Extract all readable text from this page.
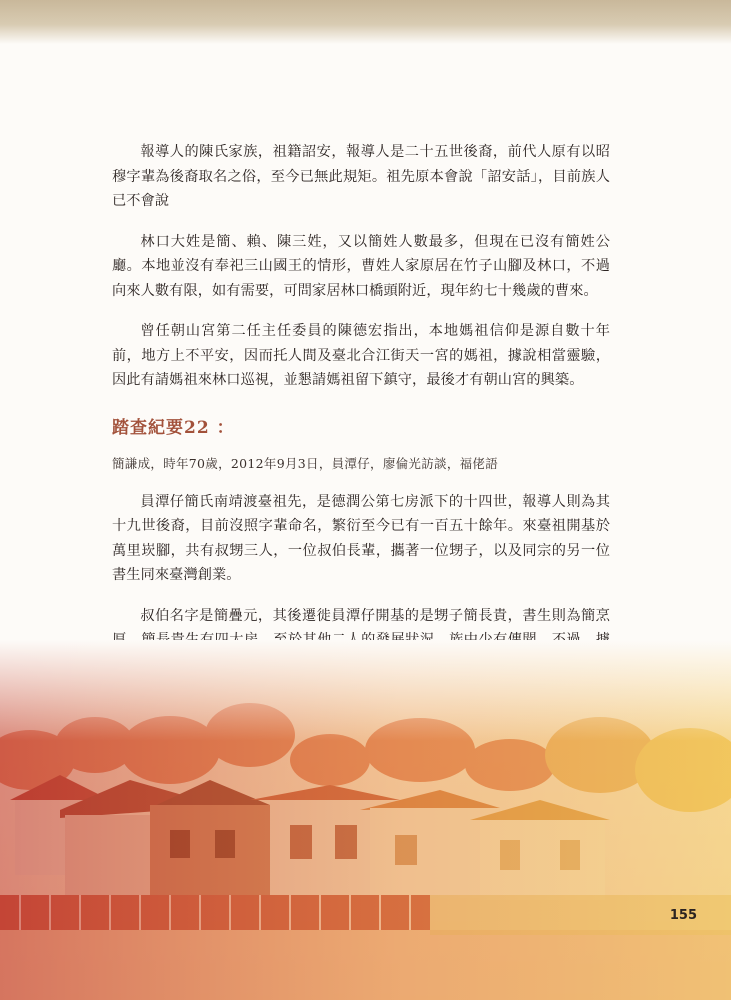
報導人的陳氏家族，祖籍詔安，報導人是二十五世後裔，前代人原有以昭穆字輩為後裔取名之俗，至今已無此規矩。祖先原本會說「詔安話」，目前族人已不會說

林口大姓是簡、賴、陳三姓，又以簡姓人數最多，但現在已沒有簡姓公廳。本地並沒有奉祀三山國王的情形，曹姓人家原居在竹子山腳及林口，不過向來人數有限，如有需要，可問家居林口橋頭附近，現年約七十幾歲的曹來。

曾任朝山宮第二任主任委員的陳德宏指出，本地媽祖信仰是源自數十年前，地方上不平安，因而托人間及臺北合江街天一宮的媽祖，據說相當靈驗，因此有請媽祖來林口巡視，並懇請媽祖留下鎮守，最後才有朝山宮的興築。

踏查紀要22 ：

簡謙成，時年70歲，2012年9月3日，員潭仔，廖倫光訪談，福佬語

員潭仔簡氏南靖渡臺祖先，是德潤公第七房派下的十四世，報導人則為其十九世後裔，目前沒照字輩命名，繁衍至今已有一百五十餘年。來臺祖開基於萬里崁腳，共有叔甥三人，一位叔伯長輩，攜著一位甥子，以及同宗的另一位書生同來臺灣創業。

叔伯名字是簡疊元，其後遷徙員潭仔開基的是甥子簡長貴，書生則為簡烹

155
